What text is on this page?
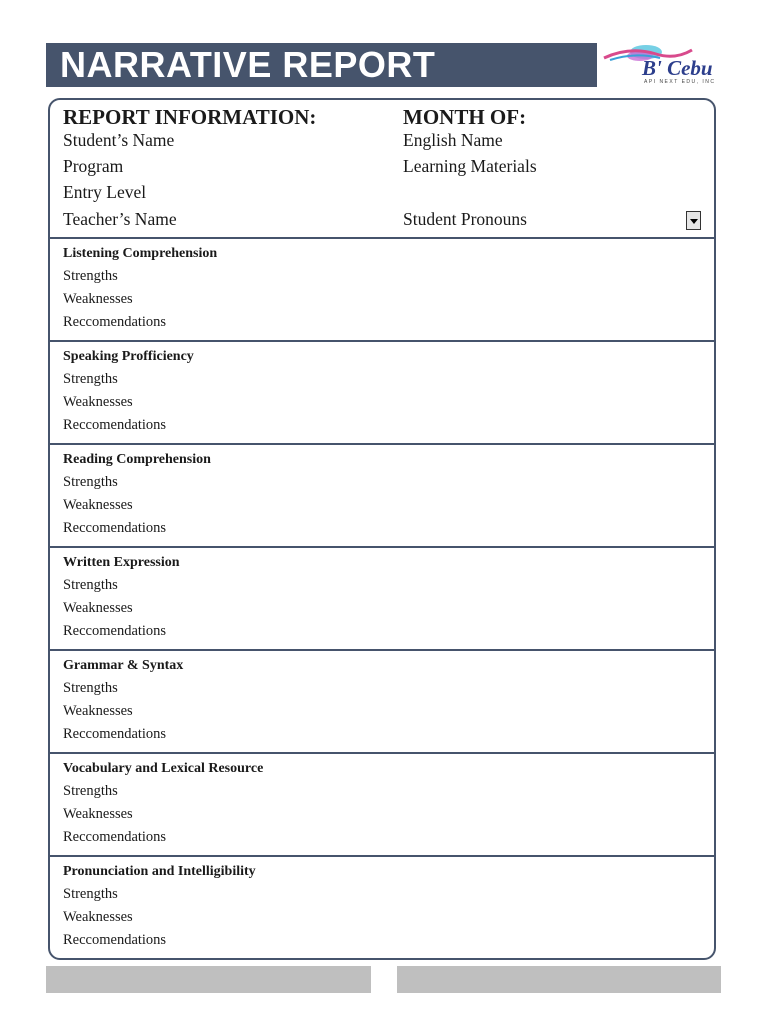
NARRATIVE REPORT	B' Cebu
API NEXT EDU, INC
REPORT INFORMATION:	MONTH OF:
Student’s Name
Program
Entry Level
Teacher’s Name
English Name
Learning Materials
Student Pronouns
Listening Comprehension
Strengths
Weaknesses
Reccomendations
Speaking Profficiency
Strengths
Weaknesses
Reccomendations
Reading Comprehension
Strengths
Weaknesses
Reccomendations
Written Expression
Strengths
Weaknesses
Reccomendations
Grammar & Syntax
Strengths
Weaknesses
Reccomendations
Vocabulary and Lexical Resource
Strengths
Weaknesses
Reccomendations
Pronunciation and Intelligibility
Strengths
Weaknesses
Reccomendations
